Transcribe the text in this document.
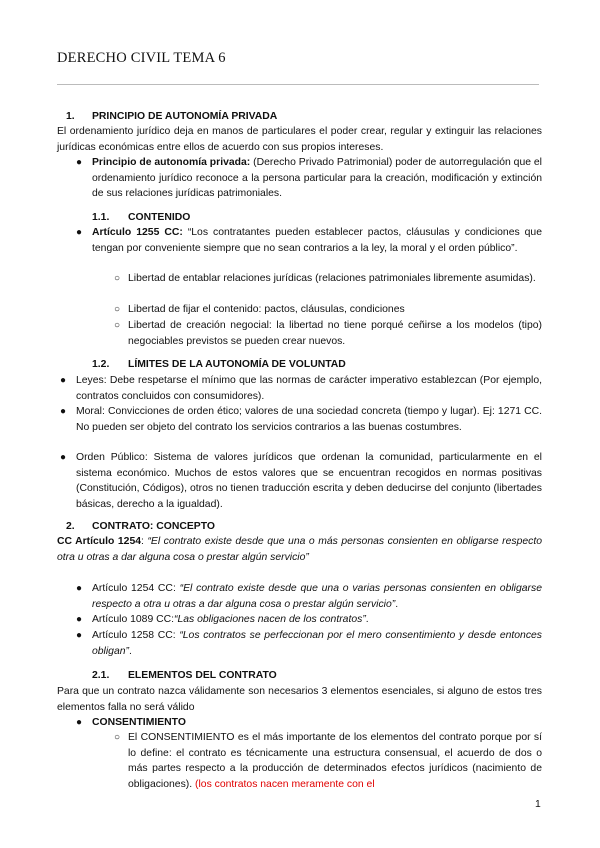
DERECHO CIVIL TEMA 6
1. PRINCIPIO DE AUTONOMÍA PRIVADA
El ordenamiento jurídico deja en manos de particulares el poder crear, regular y extinguir las relaciones jurídicas económicas entre ellos de acuerdo con sus propios intereses.
● Principio de autonomía privada: (Derecho Privado Patrimonial) poder de autorregulación que el ordenamiento jurídico reconoce a la persona particular para la creación, modificación y extinción de sus relaciones jurídicas patrimoniales.
1.1. CONTENIDO
● Artículo 1255 CC: “Los contratantes pueden establecer pactos, cláusulas y condiciones que tengan por conveniente siempre que no sean contrarios a la ley, la moral y el orden público”.
○ Libertad de entablar relaciones jurídicas (relaciones patrimoniales libremente asumidas).
○ Libertad de fijar el contenido: pactos, cláusulas, condiciones
○ Libertad de creación negocial: la libertad no tiene porqué ceñirse a los modelos (tipo) negociables previstos se pueden crear nuevos.
1.2. LÍMITES DE LA AUTONOMÍA DE VOLUNTAD
● Leyes: Debe respetarse el mínimo que las normas de carácter imperativo establezcan (Por ejemplo, contratos concluidos con consumidores).
● Moral: Convicciones de orden ético; valores de una sociedad concreta (tiempo y lugar). Ej: 1271 CC. No pueden ser objeto del contrato los servicios contrarios a las buenas costumbres.
● Orden Público: Sistema de valores jurídicos que ordenan la comunidad, particularmente en el sistema económico. Muchos de estos valores que se encuentran recogidos en normas positivas (Constitución, Códigos), otros no tienen traducción escrita y deben deducirse del conjunto (libertades básicas, derecho a la igualdad).
2. CONTRATO: CONCEPTO
CC Artículo 1254: “El contrato existe desde que una o más personas consienten en obligarse respecto otra u otras a dar alguna cosa o prestar algún servicio”
● Artículo 1254 CC: “El contrato existe desde que una o varias personas consienten en obligarse respecto a otra u otras a dar alguna cosa o prestar algún servicio”.
● Artículo 1089 CC:“Las obligaciones nacen de los contratos”.
● Artículo 1258 CC: “Los contratos se perfeccionan por el mero consentimiento y desde entonces obligan”.
2.1. ELEMENTOS DEL CONTRATO
Para que un contrato nazca válidamente son necesarios 3 elementos esenciales, si alguno de estos tres elementos falla no será válido
● CONSENTIMIENTO
○ El CONSENTIMIENTO es el más importante de los elementos del contrato porque por sí lo define: el contrato es técnicamente una estructura consensual, el acuerdo de dos o más partes respecto a la producción de determinados efectos jurídicos (nacimiento de obligaciones). (los contratos nacen meramente con el
1
